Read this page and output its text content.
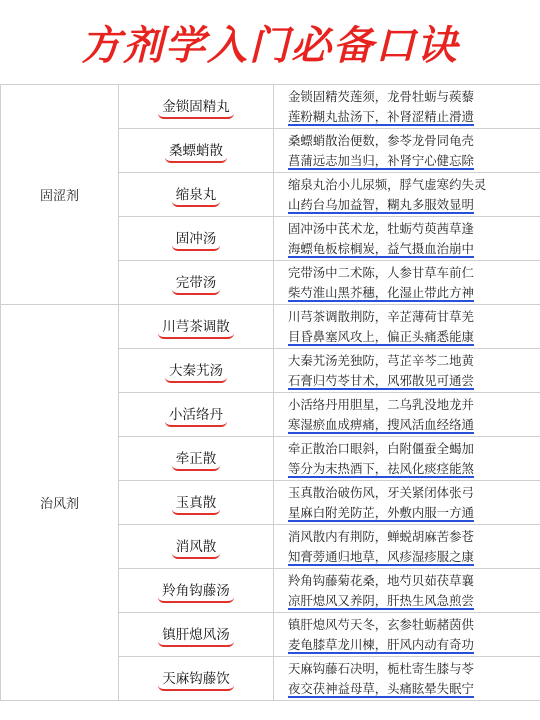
方剂学入门必备口诀
固涩剂	金锁固精丸	金锁固精芡莲须，龙骨牡蛎与蒺藜
莲粉糊丸盐汤下，补肾涩精止滑遗

	桑螵蛸散	桑螵蛸散治便数，参苓龙骨同龟壳
菖蒲远志加当归，补肾宁心健忘除

	缩泉丸	缩泉丸治小儿尿频，脬气虚寒约失灵
山药台乌加益智，糊丸多服效显明

	固冲汤	固冲汤中芪术龙，牡蛎芍萸茜草逢
海螵龟板棕榈炭，益气摄血治崩中

	完带汤	完带汤中二术陈，人参甘草车前仁
柴芍淮山黑芥穗，化湿止带此方神

治风剂	川芎茶调散	川芎茶调散荆防，辛芷薄荷甘草羌
目昏鼻塞风攻上，偏正头痛悉能康

	大秦艽汤	大秦艽汤羌独防，芎芷辛芩二地黄
石膏归芍苓甘术，风邪散见可通尝

	小活络丹	小活络丹用胆星，二乌乳没地龙并
寒湿瘀血成痹痛，搜风活血经络通

	牵正散	牵正散治口眼斜，白附僵蚕全蝎加
等分为末热酒下，祛风化痰痉能煞

	玉真散	玉真散治破伤风，牙关紧闭体张弓
星麻白附羌防芷，外敷内服一方通

	消风散	消风散内有荆防，蝉蜕胡麻苦参苍
知膏蒡通归地草，风疹湿疹服之康

	羚角钩藤汤	羚角钩藤菊花桑，地芍贝茹茯草襄
凉肝熄风又养阴，肝热生风急煎尝

	镇肝熄风汤	镇肝熄风芍天冬，玄参牡蛎赭茵供
麦龟膝草龙川楝，肝风内动有奇功

	天麻钩藤饮	天麻钩藤石决明，栀杜寄生膝与苓
夜交茯神益母草，头痛眩晕失眠宁
